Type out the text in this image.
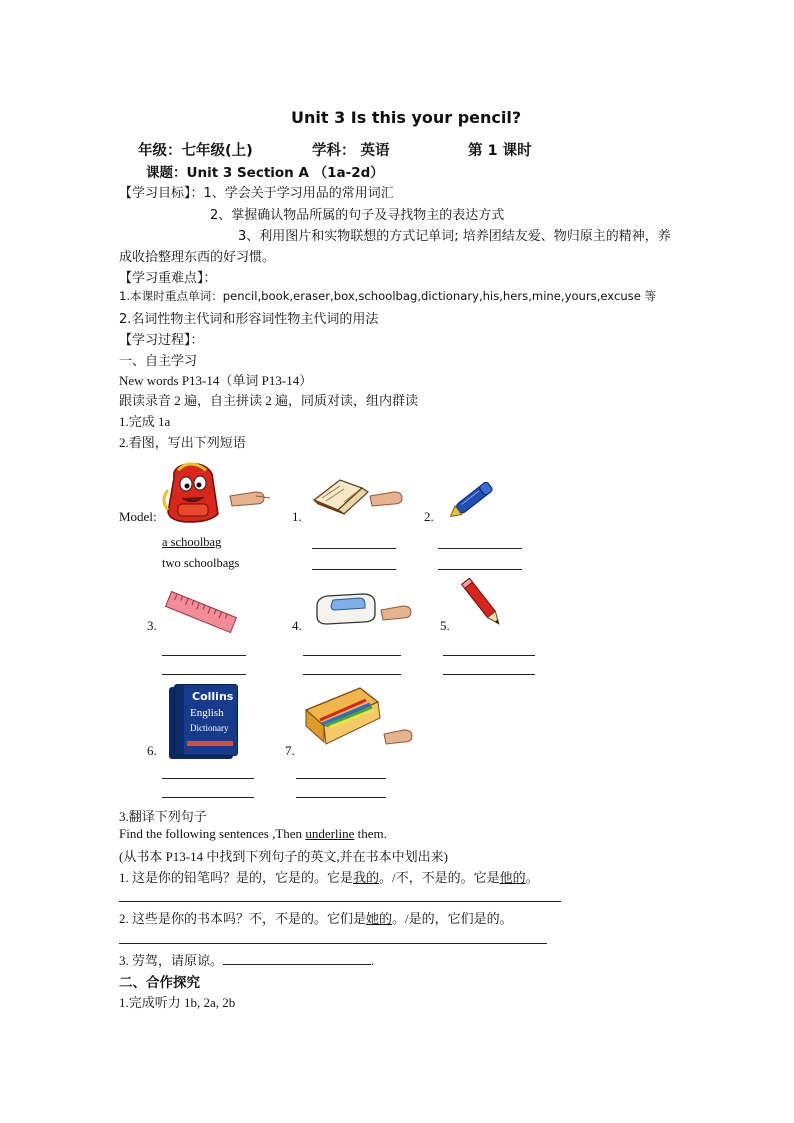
Unit 3 Is this your pencil?
年级：七年级(上)	学科： 英语	第 1 课时
课题：Unit 3 Section A （1a-2d）
【学习目标】：1、学会关于学习用品的常用词汇
2、掌握确认物品所属的句子及寻找物主的表达方式
3、利用图片和实物联想的方式记单词; 培养团结友爱、物归原主的精神，养
成收拾整理东西的好习惯。
【学习重难点】：
1.本课时重点单词：pencil,book,eraser,box,schoolbag,dictionary,his,hers,mine,yours,excuse 等
2.名词性物主代词和形容词性物主代词的用法
【学习过程】：
一、自主学习
New words P13-14（单词 P13-14）
跟读录音 2 遍，自主拼读 2 遍，同质对读，组内群读
1.完成 1a
2.看图，写出下列短语
Model:	1.	2.
a schoolbag
two schoolbags
3.	4.	5.
6.
Collins
English
Dictionary
7.
3.翻译下列句子
Find the following sentences ,Then underline them.
(从书本 P13-14 中找到下列句子的英文,并在书本中划出来)
1. 这是你的铅笔吗？是的，它是的。它是我的。/不，不是的。它是他的。
2. 这些是你的书本吗？不，不是的。它们是她的。/是的，它们是的。
3. 劳驾，请原谅。	.
二、合作探究
1.完成听力 1b, 2a, 2b
